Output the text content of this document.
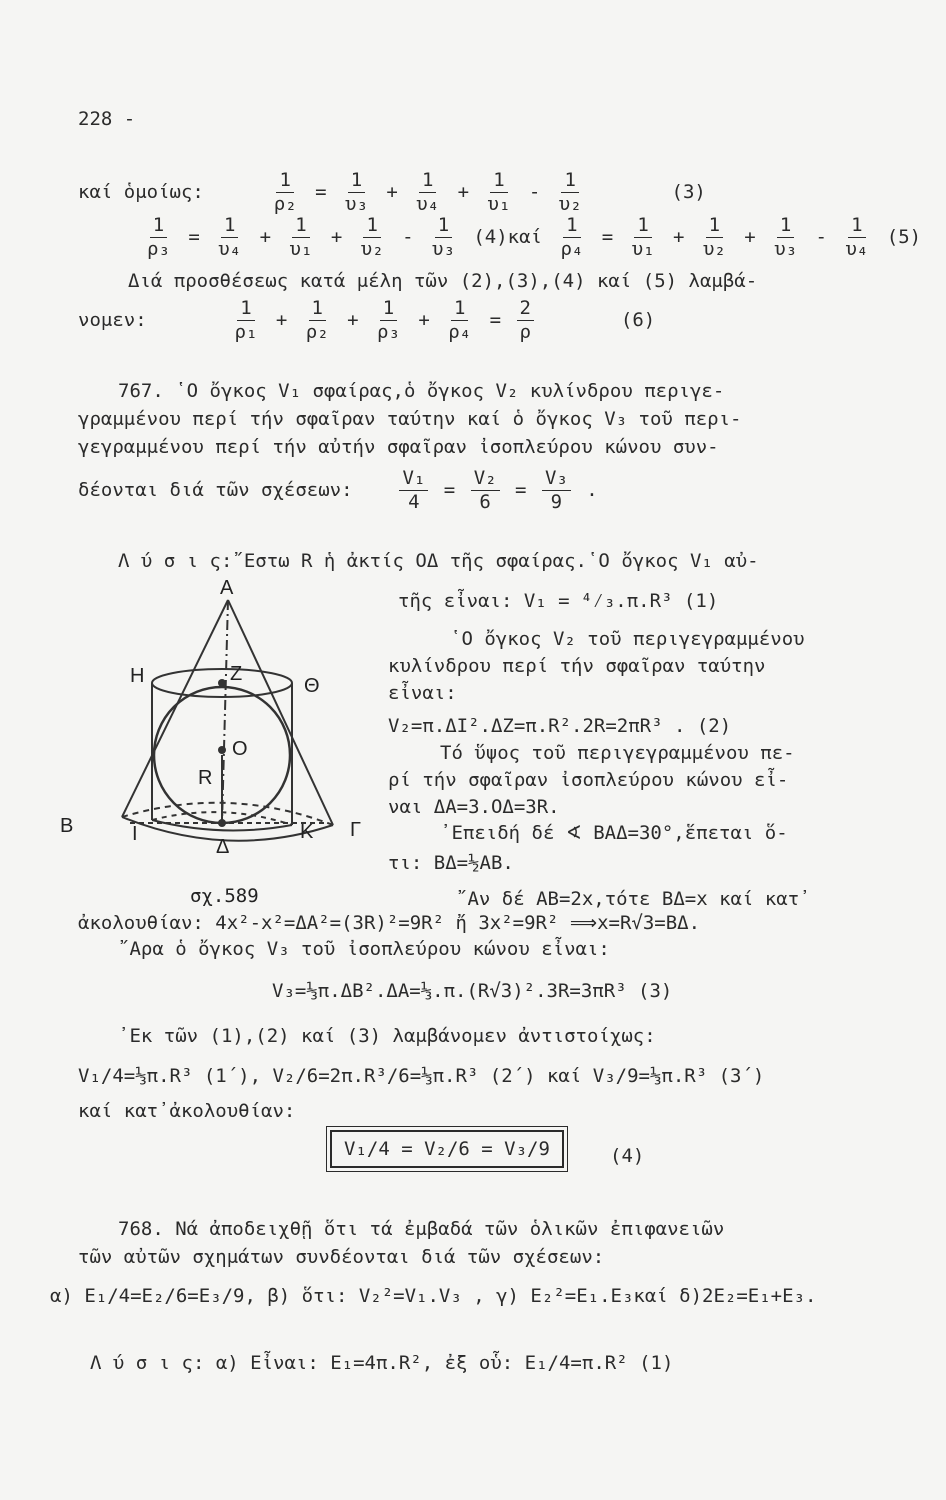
228 -
καί ὁμοίως:	$\frac{1}{\text{ρ₂}} = \frac{1}{\text{υ₃}} + \frac{1}{\text{υ₄}} + \frac{1}{\text{υ₁}} - \frac{1}{\text{υ₂}}$	(3)
$\frac{1}{\text{ρ₃}} = \frac{1}{\text{υ₄}} + \frac{1}{\text{υ₁}} + \frac{1}{\text{υ₂}} - \frac{1}{\text{υ₃}} (4)\kappa\alpha ί \frac{1}{\text{ρ₄}} = \frac{1}{\text{υ₁}} + \frac{1}{\text{υ₂}} + \frac{1}{\text{υ₃}} - \frac{1}{\text{υ₄}} (5)$
Διά προσθέσεως κατά μέλη τῶν (2),(3),(4) καί (5) λαμβά-
νομεν:	$\frac{1}{\text{ρ₁}} + \frac{1}{\text{ρ₂}} + \frac{1}{\text{ρ₃}} + \frac{1}{\text{ρ₄}} = \frac{2}{\rho}$	(6)
767. ῾Ο ὄγκος V₁ σφαίρας,ὁ ὄγκος V₂ κυλίνδρου περιγε-
γραμμένου περί τήν σφαῖραν ταύτην καί ὁ ὄγκος V₃ τοῦ περι-
γεγραμμένου περί τήν αὐτήν σφαῖραν ἰσοπλεύρου κώνου συν-
δέονται διά τῶν σχέσεων: $\frac{\text{V₁}}{4} = \frac{\text{V₂}}{6} = \frac{\text{V₃}}{9}$ .
Λ ύ σ ι ς:῎Εστω R ἡ ἀκτίς ΟΔ τῆς σφαίρας.῾Ο ὄγκος V₁ αὐ-
τῆς εἶναι: V₁ = ⁴⁄₃.π.R³ (1)
῾Ο ὄγκος V₂ τοῦ περιγεγραμμένου
κυλίνδρου περί τήν σφαῖραν ταύτην
εἶναι:
V₂=π.ΔΙ².ΔΖ=π.R².2R=2πR³ . (2)
Τό ὕψος τοῦ περιγεγραμμένου πε-
ρί τήν σφαῖραν ἰσοπλεύρου κώνου εἶ-
ναι ΔΑ=3.ΟΔ=3R.
᾽Επειδή δέ ∢ ΒΑΔ=30°,ἕπεται ὅ-
τι: ΒΔ=½ΑΒ.
῎Αν δέ ΑΒ=2x,τότε ΒΔ=x καί κατ᾽
ἀκολουθίαν: 4x²-x²=ΔΑ²=(3R)²=9R² ἤ 3x²=9R² ⟹x=R√3=ΒΔ.
῎Αρα ὁ ὄγκος V₃ τοῦ ἰσοπλεύρου κώνου εἶναι:
V₃=⅓π.ΔΒ².ΔΑ=⅓.π.(R√3)².3R=3πR³ (3)
᾽Εκ τῶν (1),(2) καί (3) λαμβάνομεν ἀντιστοίχως:
V₁/4=⅓π.R³ (1΄), V₂/6=2π.R³/6=⅓π.R³ (2΄) καί V₃/9=⅓π.R³ (3΄)
καί κατ᾽ἀκολουθίαν:
V₁/4 = V₂/6 = V₃/9	(4)
Α
Η	Ζ
Θ
Ο
R
Β	Ι
Δ
Κ Γ
σχ.589
768. Νά ἀποδειχθῇ ὅτι τά ἐμβαδά τῶν ὁλικῶν ἐπιφανειῶν
τῶν αὐτῶν σχημάτων συνδέονται διά τῶν σχέσεων:
α) E₁/4=E₂/6=E₃/9, β) ὅτι: V₂²=V₁.V₃ , γ) E₂²=E₁.E₃καί δ)2E₂=E₁+E₃.
Λ ύ σ ι ς: α) Εἶναι: E₁=4π.R², ἐξ οὗ: E₁/4=π.R² (1)
